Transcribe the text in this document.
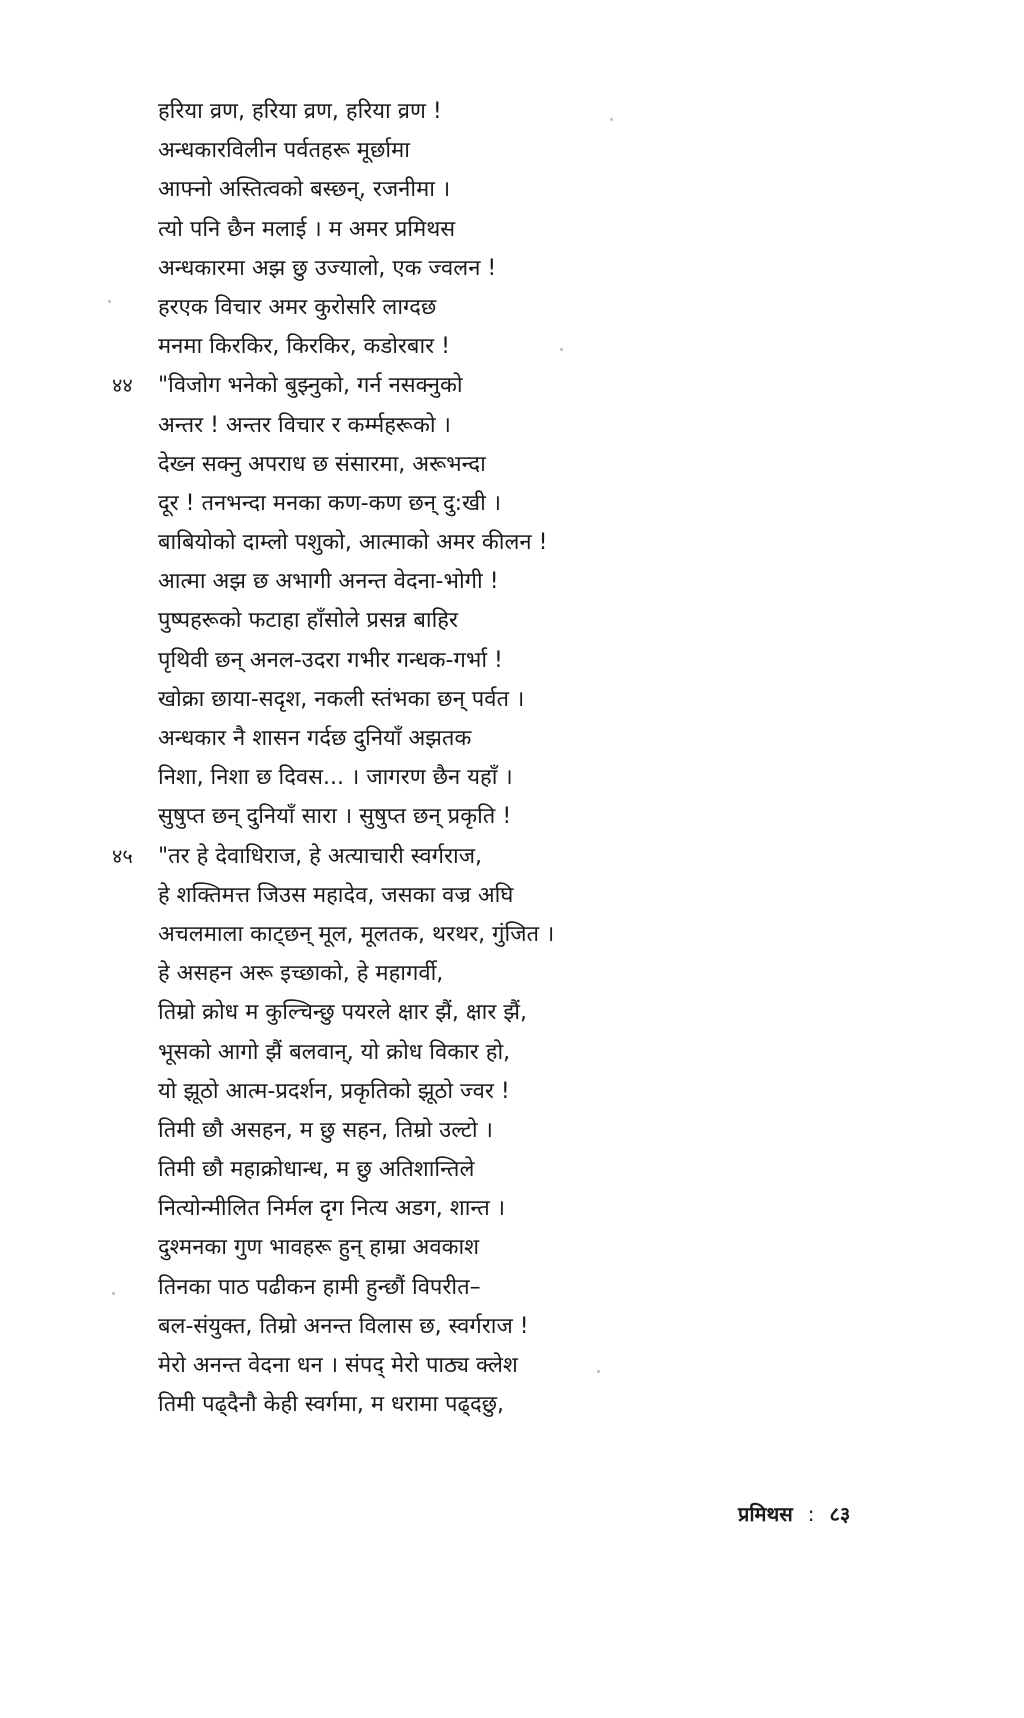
हरिया व्रण, हरिया व्रण, हरिया व्रण !
अन्धकारविलीन पर्वतहरू मूर्छामा
आफ्नो अस्तित्वको बस्छन्, रजनीमा ।
त्यो पनि छैन मलाई । म अमर प्रमिथस
अन्धकारमा अझ छु उज्यालो, एक ज्वलन !
हरएक विचार अमर कुरोसरि लाग्दछ
मनमा किरकिर, किरकिर, कडोरबार !
४४ "विजोग भनेको बुझ्नुको, गर्न नसक्नुको
अन्तर ! अन्तर विचार र कर्म्महरूको ।
देख्न सक्नु अपराध छ संसारमा, अरूभन्दा
दूर ! तनभन्दा मनका कण-कण छन् दु:खी ।
बाबियोको दाम्लो पशुको, आत्माको अमर कीलन !
आत्मा अझ छ अभागी अनन्त वेदना-भोगी !
पुष्पहरूको फटाहा हाँसोले प्रसन्न बाहिर
पृथिवी छन् अनल-उदरा गभीर गन्धक-गर्भा !
खोक्रा छाया-सदृश, नकली स्तंभका छन् पर्वत ।
अन्धकार नै शासन गर्दछ दुनियाँ अझतक
निशा, निशा छ दिवस... । जागरण छैन यहाँ ।
सुषुप्त छन् दुनियाँ सारा । सुषुप्त छन् प्रकृति !
४५ "तर हे देवाधिराज, हे अत्याचारी स्वर्गराज,
हे शक्तिमत्त जिउस महादेव, जसका वज्र अघि
अचलमाला काट्छन् मूल, मूलतक, थरथर, गुंजित ।
हे असहन अरू इच्छाको, हे महागर्वी,
तिम्रो क्रोध म कुल्चिन्छु पयरले क्षार झैं, क्षार झैं,
भूसको आगो झैं बलवान्, यो क्रोध विकार हो,
यो झूठो आत्म-प्रदर्शन, प्रकृतिको झूठो ज्वर !
तिमी छौ असहन, म छु सहन, तिम्रो उल्टो ।
तिमी छौ महाक्रोधान्ध, म छु अतिशान्तिले
नित्योन्मीलित निर्मल दृग नित्य अडग, शान्त ।
दुश्मनका गुण भावहरू हुन् हाम्रा अवकाश
तिनका पाठ पढीकन हामी हुन्छौं विपरीत–
बल-संयुक्त, तिम्रो अनन्त विलास छ, स्वर्गराज !
मेरो अनन्त वेदना धन । संपद् मेरो पाठ्य क्लेश
तिमी पढ्दैनौ केही स्वर्गमा, म धरामा पढ्दछु,
प्रमिथस : ८३
